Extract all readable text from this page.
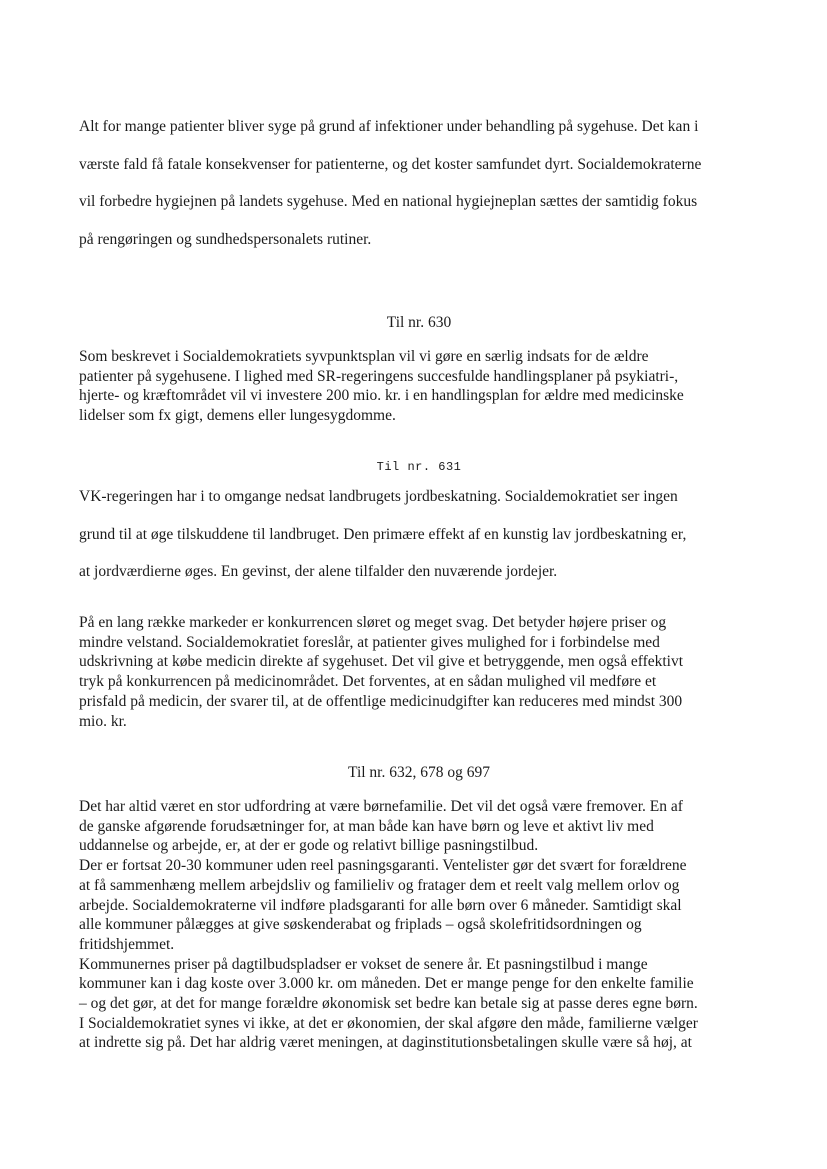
Alt for mange patienter bliver syge på grund af infektioner under behandling på sygehuse. Det kan i
værste fald få fatale konsekvenser for patienterne, og det koster samfundet dyrt. Socialdemokraterne
vil forbedre hygiejnen på landets sygehuse. Med en national hygiejneplan sættes der samtidig fokus
på rengøringen og sundhedspersonalets rutiner.

Til nr. 630

Som beskrevet i Socialdemokratiets syvpunktsplan vil vi gøre en særlig indsats for de ældre
patienter på sygehusene. I lighed med SR-regeringens succesfulde handlingsplaner på psykiatri-,
hjerte- og kræftområdet vil vi investere 200 mio. kr. i en handlingsplan for ældre med medicinske
lidelser som fx gigt, demens eller lungesygdomme.

Til nr. 631

VK-regeringen har i to omgange nedsat landbrugets jordbeskatning. Socialdemokratiet ser ingen
grund til at øge tilskuddene til landbruget. Den primære effekt af en kunstig lav jordbeskatning er,
at jordværdierne øges. En gevinst, der alene tilfalder den nuværende jordejer.

På en lang række markeder er konkurrencen sløret og meget svag. Det betyder højere priser og
mindre velstand. Socialdemokratiet foreslår, at patienter gives mulighed for i forbindelse med
udskrivning at købe medicin direkte af sygehuset. Det vil give et betryggende, men også effektivt
tryk på konkurrencen på medicinområdet. Det forventes, at en sådan mulighed vil medføre et
prisfald på medicin, der svarer til, at de offentlige medicinudgifter kan reduceres med mindst 300
mio. kr.

Til nr. 632, 678 og 697

Det har altid været en stor udfordring at være børnefamilie. Det vil det også være fremover. En af
de ganske afgørende forudsætninger for, at man både kan have børn og leve et aktivt liv med
uddannelse og arbejde, er, at der er gode og relativt billige pasningstilbud.
Der er fortsat 20-30 kommuner uden reel pasningsgaranti. Ventelister gør det svært for forældrene
at få sammenhæng mellem arbejdsliv og familieliv og fratager dem et reelt valg mellem orlov og
arbejde. Socialdemokraterne vil indføre pladsgaranti for alle børn over 6 måneder. Samtidigt skal
alle kommuner pålægges at give søskenderabat og friplads – også skolefritidsordningen og
fritidshjemmet.
Kommunernes priser på dagtilbudspladser er vokset de senere år. Et pasningstilbud i mange
kommuner kan i dag koste over 3.000 kr. om måneden. Det er mange penge for den enkelte familie
– og det gør, at det for mange forældre økonomisk set bedre kan betale sig at passe deres egne børn.
I Socialdemokratiet synes vi ikke, at det er økonomien, der skal afgøre den måde, familierne vælger
at indrette sig på. Det har aldrig været meningen, at daginstitutionsbetalingen skulle være så høj, at
